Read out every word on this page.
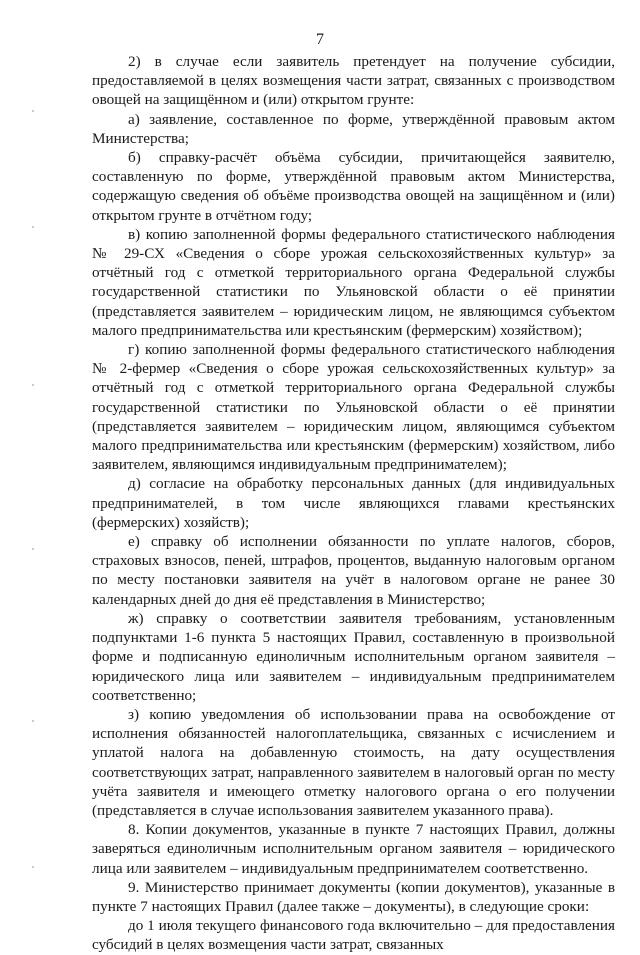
7

2) в случае если заявитель претендует на получение субсидии, предоставляемой в целях возмещения части затрат, связанных с производством овощей на защищённом и (или) открытом грунте:

а) заявление, составленное по форме, утверждённой правовым актом Министерства;

б) справку-расчёт объёма субсидии, причитающейся заявителю, составленную по форме, утверждённой правовым актом Министерства, содержащую сведения об объёме производства овощей на защищённом и (или) открытом грунте в отчётном году;

в) копию заполненной формы федерального статистического наблюдения № 29-СХ «Сведения о сборе урожая сельскохозяйственных культур» за отчётный год с отметкой территориального органа Федеральной службы государственной статистики по Ульяновской области о её принятии (представляется заявителем – юридическим лицом, не являющимся субъектом малого предпринимательства или крестьянским (фермерским) хозяйством);

г) копию заполненной формы федерального статистического наблюдения № 2-фермер «Сведения о сборе урожая сельскохозяйственных культур» за отчётный год с отметкой территориального органа Федеральной службы государственной статистики по Ульяновской области о её принятии (представляется заявителем – юридическим лицом, являющимся субъектом малого предпринимательства или крестьянским (фермерским) хозяйством, либо заявителем, являющимся индивидуальным предпринимателем);

д) согласие на обработку персональных данных (для индивидуальных предпринимателей, в том числе являющихся главами крестьянских (фермерских) хозяйств);

е) справку об исполнении обязанности по уплате налогов, сборов, страховых взносов, пеней, штрафов, процентов, выданную налоговым органом по месту постановки заявителя на учёт в налоговом органе не ранее 30 календарных дней до дня её представления в Министерство;

ж) справку о соответствии заявителя требованиям, установленным подпунктами 1-6 пункта 5 настоящих Правил, составленную в произвольной форме и подписанную единоличным исполнительным органом заявителя – юридического лица или заявителем – индивидуальным предпринимателем соответственно;

з) копию уведомления об использовании права на освобождение от исполнения обязанностей налогоплательщика, связанных с исчислением и уплатой налога на добавленную стоимость, на дату осуществления соответствующих затрат, направленного заявителем в налоговый орган по месту учёта заявителя и имеющего отметку налогового органа о его получении (представляется в случае использования заявителем указанного права).

8. Копии документов, указанные в пункте 7 настоящих Правил, должны заверяться единоличным исполнительным органом заявителя – юридического лица или заявителем – индивидуальным предпринимателем соответственно.

9. Министерство принимает документы (копии документов), указанные в пункте 7 настоящих Правил (далее также – документы), в следующие сроки:

до 1 июля текущего финансового года включительно – для предоставления субсидий в целях возмещения части затрат, связанных
